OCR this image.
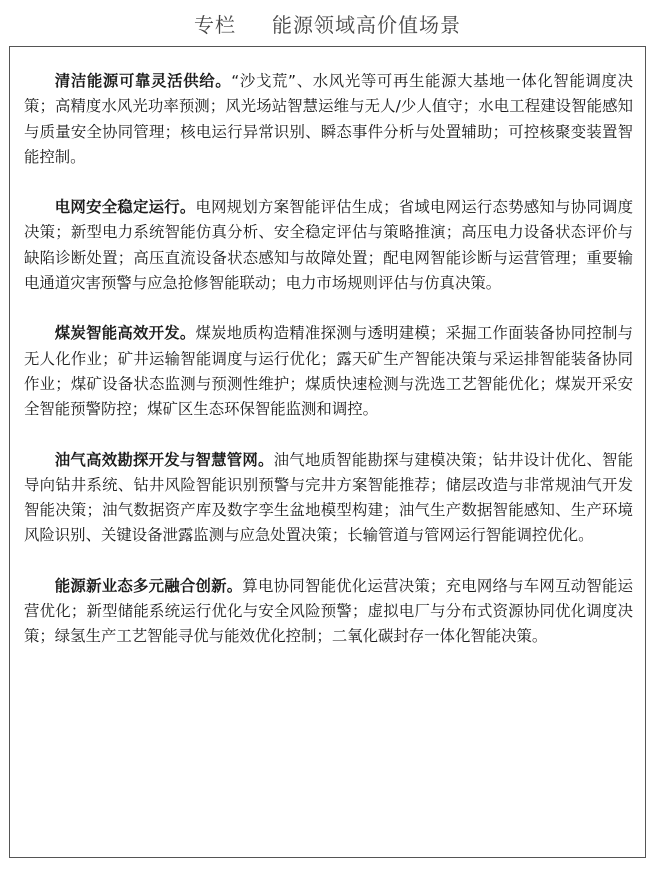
专栏 能源领域高价值场景

清洁能源可靠灵活供给。“沙戈荒”、水风光等可再生能源大基地一体化智能调度决策；高精度水风光功率预测；风光场站智慧运维与无人/少人值守；水电工程建设智能感知与质量安全协同管理；核电运行异常识别、瞬态事件分析与处置辅助；可控核聚变装置智能控制。

电网安全稳定运行。电网规划方案智能评估生成；省域电网运行态势感知与协同调度决策；新型电力系统智能仿真分析、安全稳定评估与策略推演；高压电力设备状态评价与缺陷诊断处置；高压直流设备状态感知与故障处置；配电网智能诊断与运营管理；重要输电通道灾害预警与应急抢修智能联动；电力市场规则评估与仿真决策。

煤炭智能高效开发。煤炭地质构造精准探测与透明建模；采掘工作面装备协同控制与无人化作业；矿井运输智能调度与运行优化；露天矿生产智能决策与采运排智能装备协同作业；煤矿设备状态监测与预测性维护；煤质快速检测与洗选工艺智能优化；煤炭开采安全智能预警防控；煤矿区生态环保智能监测和调控。

油气高效勘探开发与智慧管网。油气地质智能勘探与建模决策；钻井设计优化、智能导向钻井系统、钻井风险智能识别预警与完井方案智能推荐；储层改造与非常规油气开发智能决策；油气数据资产库及数字孪生盆地模型构建；油气生产数据智能感知、生产环境风险识别、关键设备泄露监测与应急处置决策；长输管道与管网运行智能调控优化。

能源新业态多元融合创新。算电协同智能优化运营决策；充电网络与车网互动智能运营优化；新型储能系统运行优化与安全风险预警；虚拟电厂与分布式资源协同优化调度决策；绿氢生产工艺智能寻优与能效优化控制；二氧化碳封存一体化智能决策。
